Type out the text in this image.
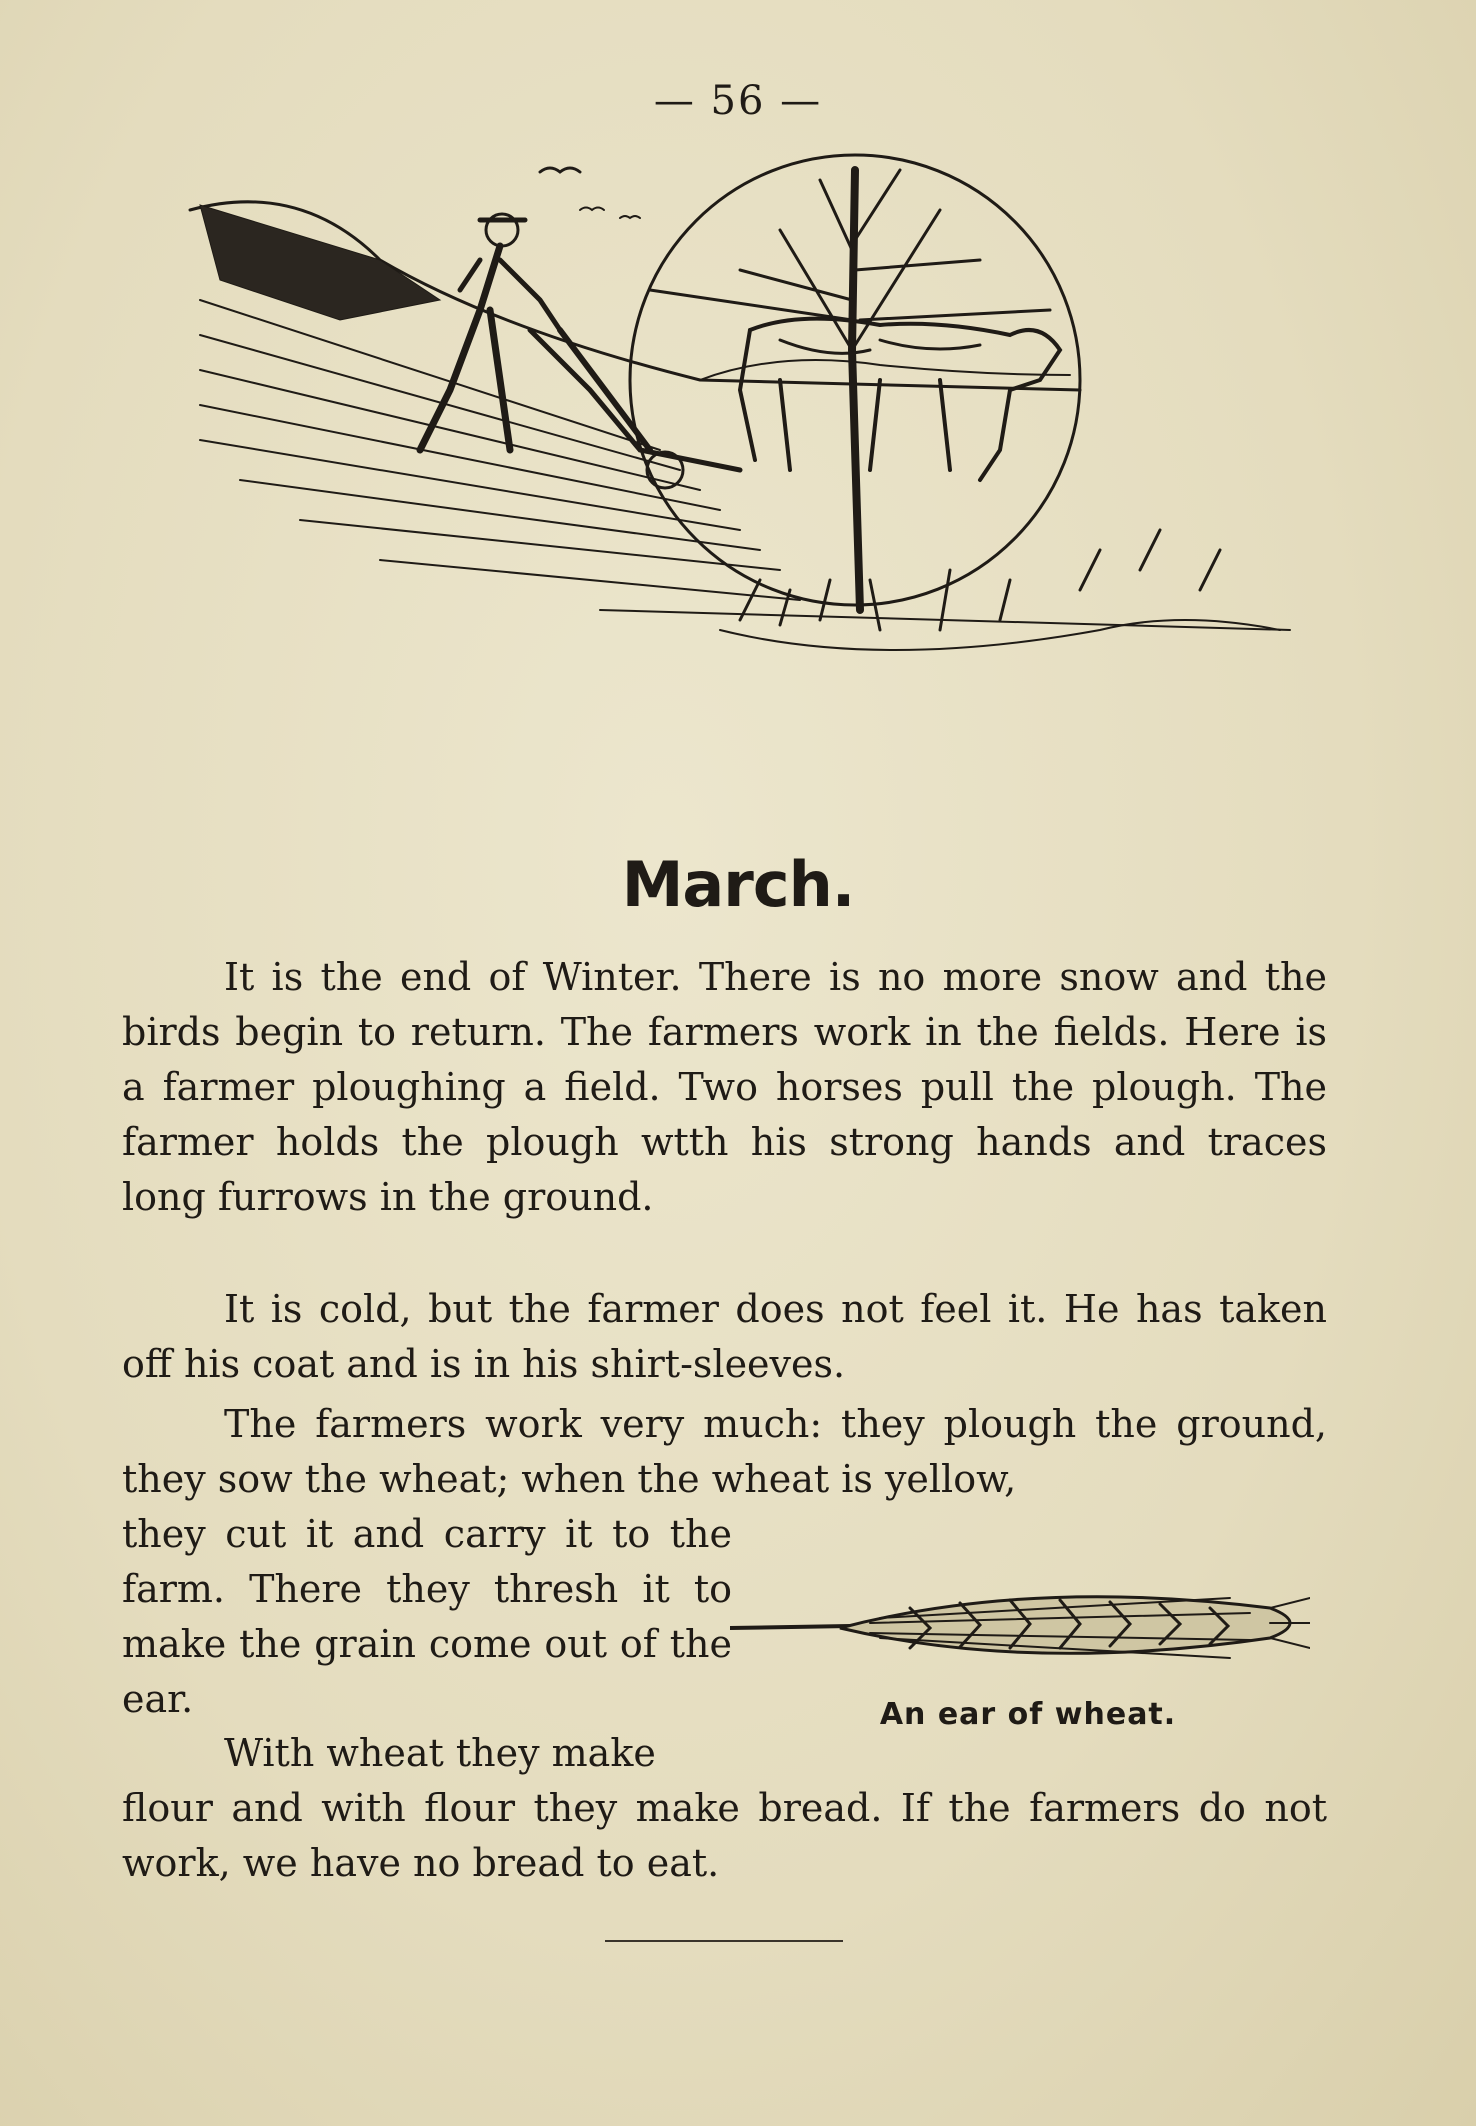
— 56 —
March.

It is the end of Winter. There is no more snow and the birds begin to return. The farmers work in the fields. Here is a farmer ploughing a field. Two horses pull the plough. The farmer holds the plough wtth his strong hands and traces long furrows in the ground.

It is cold, but the farmer does not feel it. He has taken off his coat and is in his shirt-sleeves.

The farmers work very much: they plough the ground, they sow the wheat; when the wheat is yellow,

they cut it and carry it to the farm. There they thresh it to make the grain come out of the ear.	An ear of wheat.

With wheat they make

flour and with flour they make bread. If the farmers do not work, we have no bread to eat.
